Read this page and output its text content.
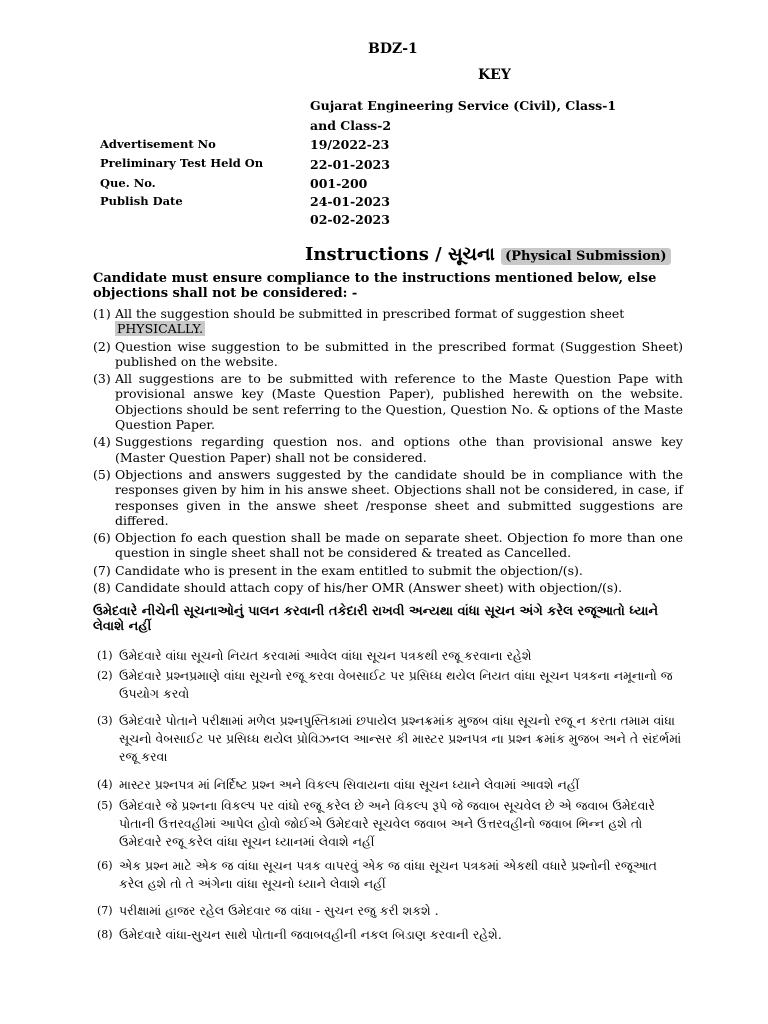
BDZ-1
KEY
Gujarat Engineering Service (Civil), Class-1 and Class-2
Advertisement No	19/2022-23
Preliminary Test Held On	22-01-2023
Que. No.	001-200
Publish Date	24-01-2023
02-02-2023
Instructions / સૂચના (Physical Submission)
Candidate must ensure compliance to the instructions mentioned below, else objections shall not be considered: -
(1) All the suggestion should be submitted in prescribed format of suggestion sheet
PHYSICALLY.
(2) Question wise suggestion to be submitted in the prescribed format (Suggestion Sheet) published on the website.
(3) All suggestions are to be submitted with reference to the Maste Question Pape with provisional answe key (Maste Question Paper), published herewith on the website. Objections should be sent referring to the Question, Question No. & options of the Maste Question Paper.
(4) Suggestions regarding question nos. and options othe than provisional answe key (Master Question Paper) shall not be considered.
(5) Objections and answers suggested by the candidate should be in compliance with the responses given by him in his answe sheet. Objections shall not be considered, in case, if responses given in the answe sheet /response sheet and submitted suggestions are differed.
(6) Objection fo each question shall be made on separate sheet. Objection fo more than one question in single sheet shall not be considered & treated as Cancelled.
(7) Candidate who is present in the exam entitled to submit the objection/(s).
(8) Candidate should attach copy of his/her OMR (Answer sheet) with objection/(s).
ઉમેદવારે નીચેની સૂચનાઓનું પાલન કરવાની તકેદારી રાખવી અન્યથા વાંધા સૂચન અંગે કરેલ રજૂઆતો ધ્યાને લેવાશે નહીં
(1) ઉમેદવારે વાંધા સૂચનો નિયત કરવામાં આવેલ વાંધા સૂચન પત્રકથી રજૂ કરવાના રહેશે
(2) ઉમેદવારે પ્રશ્નપ્રમાણે વાંધા સૂચનો રજૂ કરવા વેબસાઈટ પર પ્રસિધ્ધ થયેલ નિયત વાંધા સૂચન પત્રકના નમૂનાનો જ ઉપયોગ કરવો
(3) ઉમેદવારે પોતાને પરીક્ષામાં મળેલ પ્રશ્નપુસ્તિકામાં છપાયેલ પ્રશ્નક્રમાંક મુજબ વાંધા સૂચનો રજૂ ન કરતા તમામ વાંધા સૂચનો વેબસાઈટ પર પ્રસિધ્ધ થયેલ પ્રોવિઝનલ આન્સર કી માસ્ટર પ્રશ્નપત્ર ના પ્રશ્ન ક્રમાંક મુજબ અને તે સંદર્ભમાં રજૂ કરવા
(4) માસ્ટર પ્રશ્નપત્ર માં નિર્દિષ્ટ પ્રશ્ન અને વિકલ્પ સિવાયના વાંધા સૂચન ધ્યાને લેવામાં આવશે નહીં
(5) ઉમેદવારે જે પ્રશ્નના વિકલ્પ પર વાંધો રજૂ કરેલ છે અને વિકલ્પ રૂપે જે જવાબ સૂચવેલ છે એ જવાબ ઉમેદવારે પોતાની ઉત્તરવહીમાં આપેલ હોવો જોઈએ ઉમેદવારે સૂચવેલ જવાબ અને ઉત્તરવહીનો જવાબ ભિન્ન હશે તો ઉમેદવારે રજૂ કરેલ વાંધા સૂચન ધ્યાનમાં લેવાશે નહીં
(6) એક પ્રશ્ન માટે એક જ વાંધા સૂચન પત્રક વાપરવું એક જ વાંધા સૂચન પત્રકમાં એકથી વધારે પ્રશ્નોની રજૂઆત કરેલ હશે તો તે અંગેના વાંધા સૂચનો ધ્યાને લેવાશે નહીં
(7) પરીક્ષામાં હાજર રહેલ ઉમેદવાર જ વાંધા - સુચન રજુ કરી શકશે .
(8) ઉમેદવારે વાંધા-સુચન સાથે પોતાની જવાબવહીની નકલ બિડાણ કરવાની રહેશે.
